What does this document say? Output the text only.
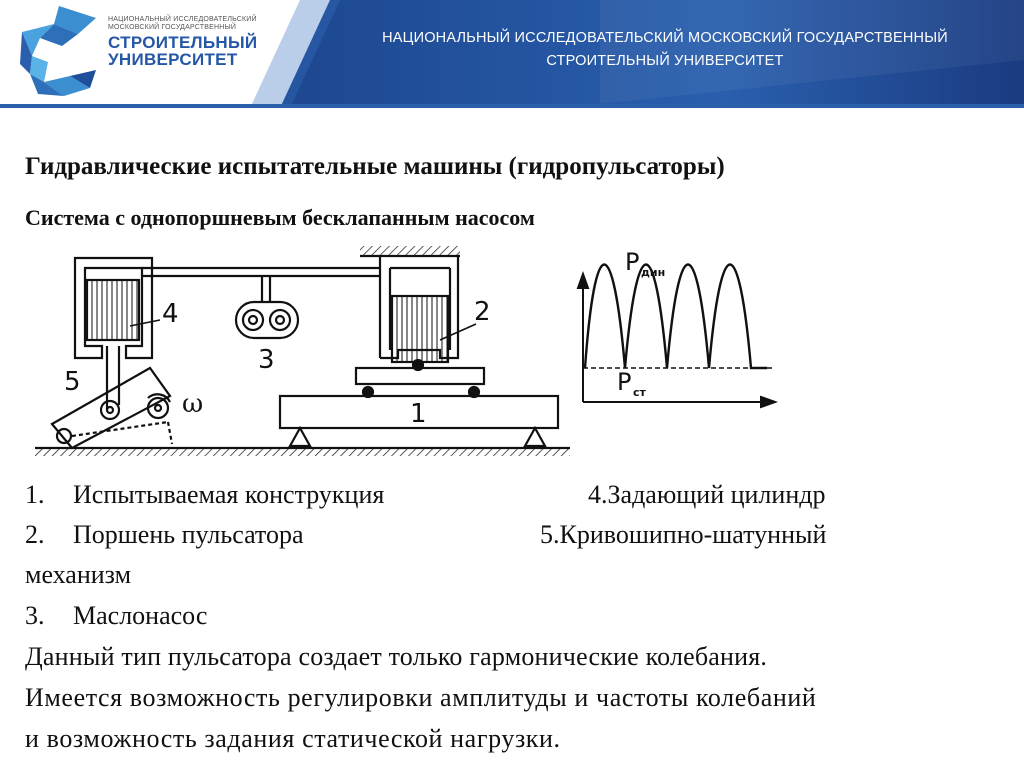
НАЦИОНАЛЬНЫЙ ИССЛЕДОВАТЕЛЬСКИЙ
МОСКОВСКИЙ ГОСУДАРСТВЕННЫЙ
СТРОИТЕЛЬНЫЙ
УНИВЕРСИТЕТ
НАЦИОНАЛЬНЫЙ ИССЛЕДОВАТЕЛЬСКИЙ МОСКОВСКИЙ ГОСУДАРСТВЕННЫЙ
СТРОИТЕЛЬНЫЙ УНИВЕРСИТЕТ
Гидравлические испытательные машины (гидропульсаторы)
Система с однопоршневым бесклапанным насосом
1
2
3
4
5
ω
P дин
P ст
1. Испытываемая конструкция	4.Задающий цилиндр
2. Поршень пульсатора	5.Кривошипно-шатунный
механизм
3. Маслонасос
Данный тип пульсатора создает только гармонические колебания.
Имеется возможность регулировки амплитуды и частоты колебаний
и возможность задания статической нагрузки.
